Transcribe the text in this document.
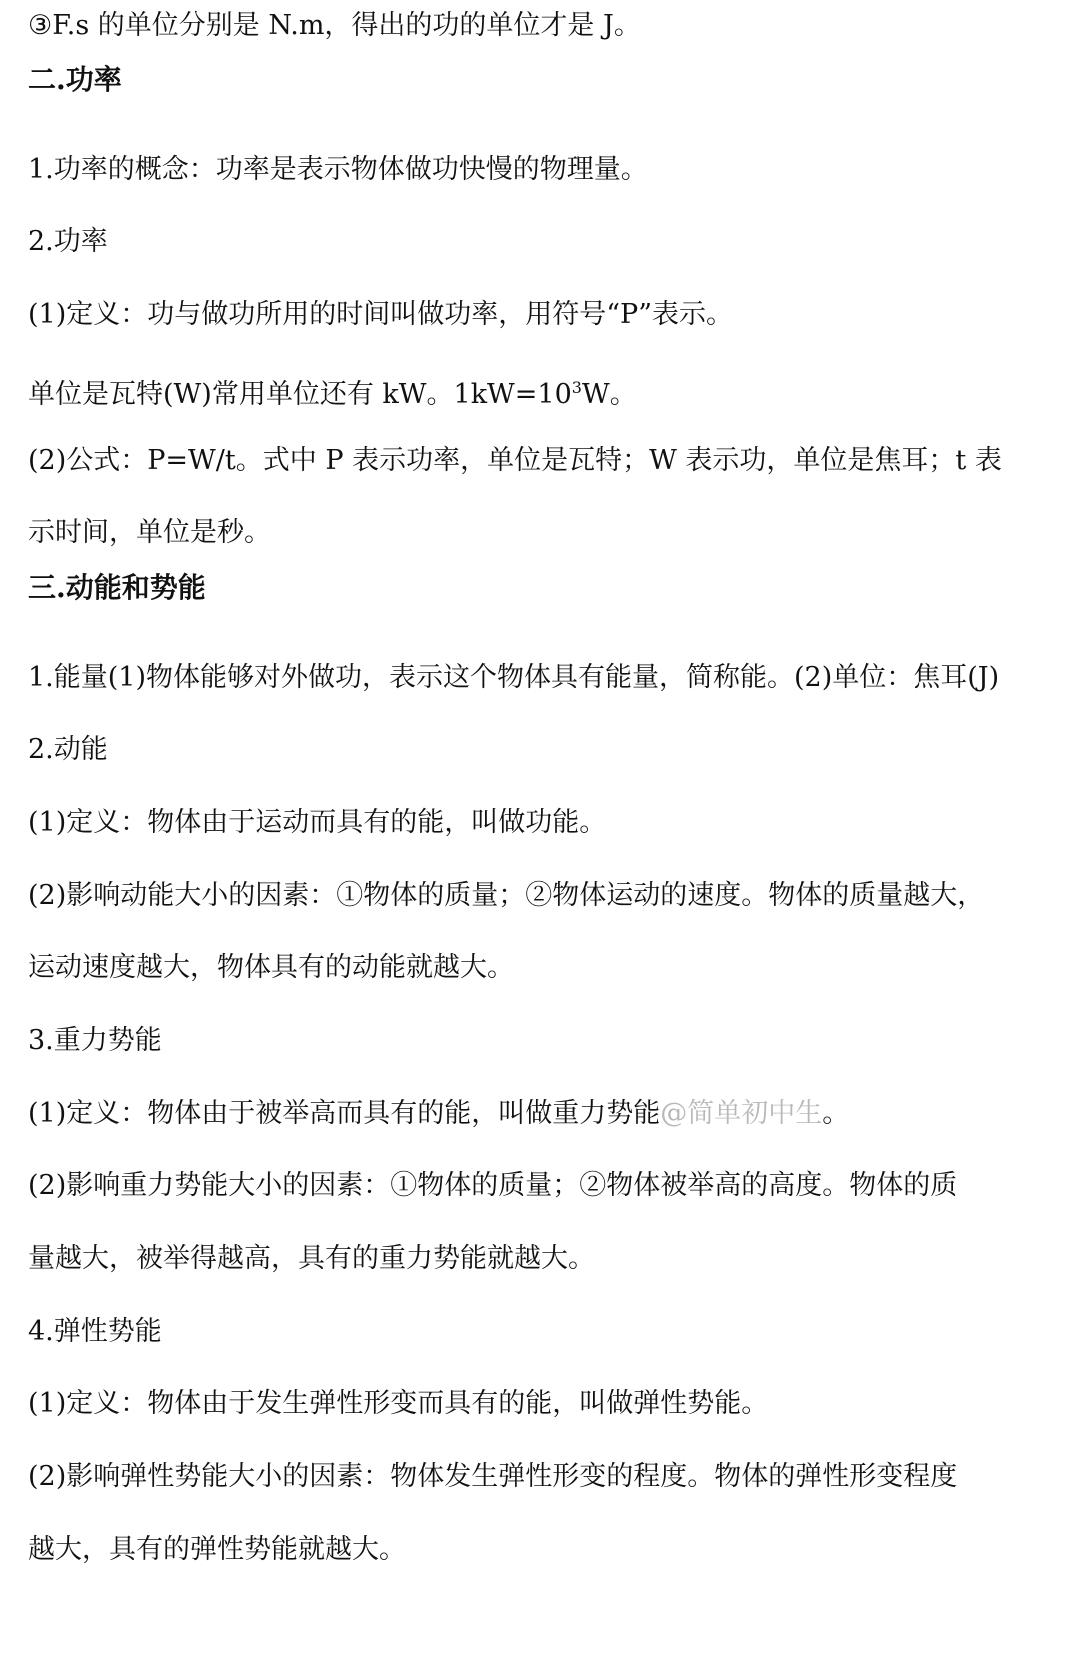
③F.s 的单位分别是 N.m，得出的功的单位才是 J。
二.功率
1.功率的概念：功率是表示物体做功快慢的物理量。
2.功率
(1)定义：功与做功所用的时间叫做功率，用符号“P”表示。
单位是瓦特(W)常用单位还有 kW。$1kW=10^3W$。
(2)公式：P=W/t。式中 P 表示功率，单位是瓦特；W 表示功，单位是焦耳；t 表
示时间，单位是秒。
三.动能和势能
1.能量(1)物体能够对外做功，表示这个物体具有能量，简称能。(2)单位：焦耳(J)
2.动能
(1)定义：物体由于运动而具有的能，叫做功能。
(2)影响动能大小的因素：①物体的质量；②物体运动的速度。物体的质量越大，
运动速度越大，物体具有的动能就越大。
3.重力势能
(1)定义：物体由于被举高而具有的能，叫做重力势能@简单初中生。
(2)影响重力势能大小的因素：①物体的质量；②物体被举高的高度。物体的质
量越大，被举得越高，具有的重力势能就越大。
4.弹性势能
(1)定义：物体由于发生弹性形变而具有的能，叫做弹性势能。
(2)影响弹性势能大小的因素：物体发生弹性形变的程度。物体的弹性形变程度
越大，具有的弹性势能就越大。
